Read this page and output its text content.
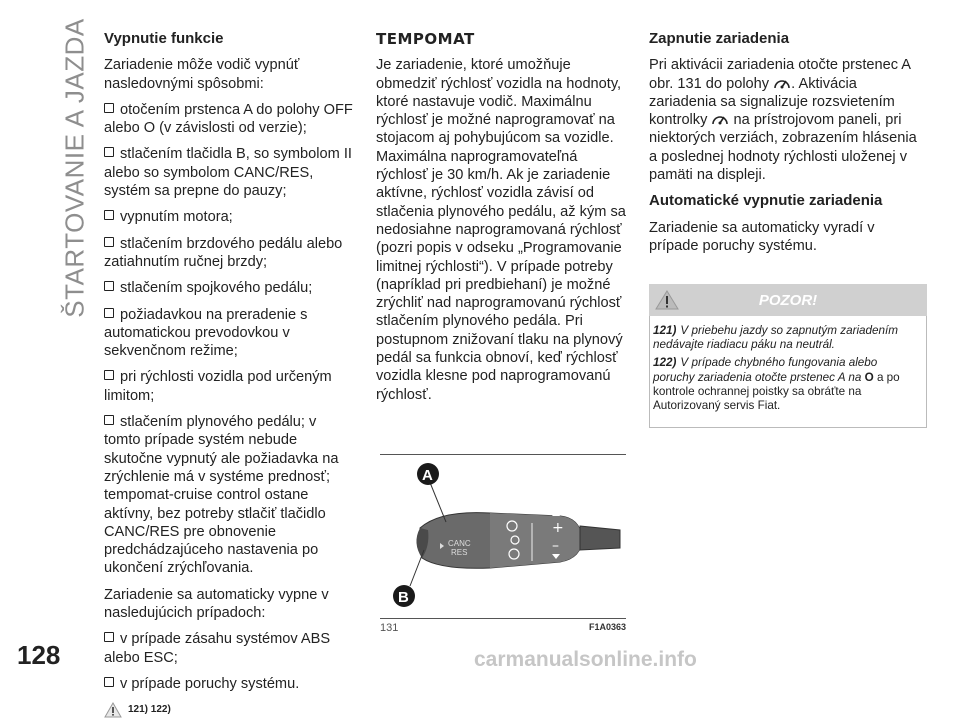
ŠTARTOVANIE A JAZDA
128
Vypnutie funkcie
Zariadenie môže vodič vypnúť nasledovnými spôsobmi:
otočením prstenca A do polohy OFF alebo O (v závislosti od verzie);
stlačením tlačidla B, so symbolom II alebo so symbolom CANC/RES, systém sa prepne do pauzy;
vypnutím motora;
stlačením brzdového pedálu alebo zatiahnutím ručnej brzdy;
stlačením spojkového pedálu;
požiadavkou na preradenie s automatickou prevodovkou v sekvenčnom režime;
pri rýchlosti vozidla pod určeným limitom;
stlačením plynového pedálu; v tomto prípade systém nebude skutočne vypnutý ale požiadavka na zrýchlenie má v systéme prednosť; tempomat-cruise control ostane aktívny, bez potreby stlačiť tlačidlo CANC/RES pre obnovenie predchádzajúceho nastavenia po ukončení zrýchľovania.
Zariadenie sa automaticky vypne v nasledujúcich prípadoch:
v prípade zásahu systémov ABS alebo ESC;
v prípade poruchy systému.
121) 122)
TEMPOMAT
Je zariadenie, ktoré umožňuje obmedziť rýchlosť vozidla na hodnoty, ktoré nastavuje vodič. Maximálnu rýchlosť je možné naprogramovať na stojacom aj pohybujúcom sa vozidle. Maximálna naprogramovateľná rýchlosť je 30 km/h. Ak je zariadenie aktívne, rýchlosť vozidla závisí od stlačenia plynového pedálu, až kým sa nedosiahne naprogramovaná rýchlosť (pozri popis v odseku „Programovanie limitnej rýchlosti“). V prípade potreby (napríklad pri predbiehaní) je možné zrýchliť nad naprogramovanú rýchlosť stlačením plynového pedála. Pri postupnom znižovaní tlaku na plynový pedál sa funkcia obnoví, keď rýchlosť vozidla klesne pod naprogramovanú rýchlosť.
+
–
CANC
RES
A
B
131	F1A0363
Zapnutie zariadenia
Pri aktivácii zariadenia otočte prstenec A obr. 131 do polohy . Aktivácia zariadenia sa signalizuje rozsvietením kontrolky na prístrojovom paneli, pri niektorých verziách, zobrazením hlásenia a poslednej hodnoty rýchlosti uloženej v pamäti na displeji.
Automatické vypnutie zariadenia
Zariadenie sa automaticky vyradí v prípade poruchy systému.
POZOR!

121) V priebehu jazdy so zapnutým zariadením nedávajte riadiacu páku na neutrál.

122) V prípade chybného fungovania alebo poruchy zariadenia otočte prstenec A na O a po kontrole ochrannej poistky sa obráťte na Autorizovaný servis Fiat.

carmanualsonline.info
